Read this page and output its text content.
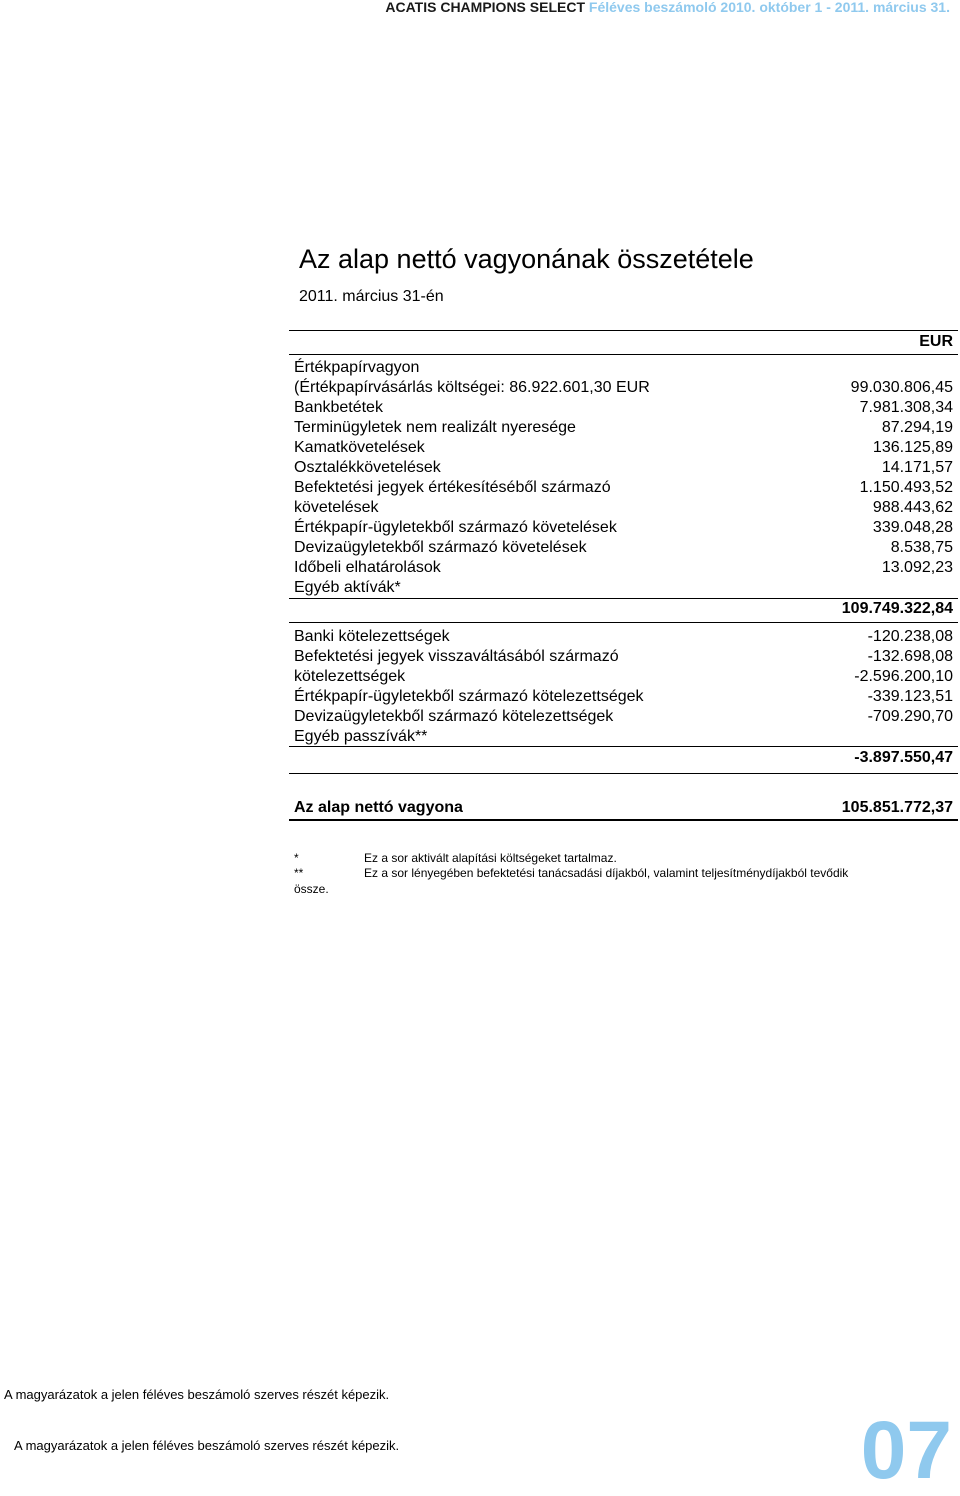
ACATIS CHAMPIONS SELECT Féléves beszámoló 2010. október 1 - 2011. március 31.
Az alap nettó vagyonának összetétele
2011. március 31-én
EUR
Értékpapírvagyon
(Értékpapírvásárlás költségei: 86.922.601,30 EUR	99.030.806,45
Bankbetétek	7.981.308,34
Terminügyletek nem realizált nyeresége	87.294,19
Kamatkövetelések	136.125,89
Osztalékkövetelések	14.171,57
Befektetési jegyek értékesítéséből származó	1.150.493,52
követelések	988.443,62
Értékpapír-ügyletekből származó követelések	339.048,28
Devizaügyletekből származó követelések	8.538,75
Időbeli elhatárolások	13.092,23
Egyéb aktívák*
109.749.322,84
Banki kötelezettségek	-120.238,08
Befektetési jegyek visszaváltásából származó	-132.698,08
kötelezettségek	-2.596.200,10
Értékpapír-ügyletekből származó kötelezettségek	-339.123,51
Devizaügyletekből származó kötelezettségek	-709.290,70
Egyéb passzívák**
-3.897.550,47
Az alap nettó vagyona	105.851.772,37
*	Ez a sor aktivált alapítási költségeket tartalmaz.
**	Ez a sor lényegében befektetési tanácsadási díjakból, valamint teljesítménydíjakból tevődik
össze.
A magyarázatok a jelen féléves beszámoló szerves részét képezik.
A magyarázatok a jelen féléves beszámoló szerves részét képezik.	07
